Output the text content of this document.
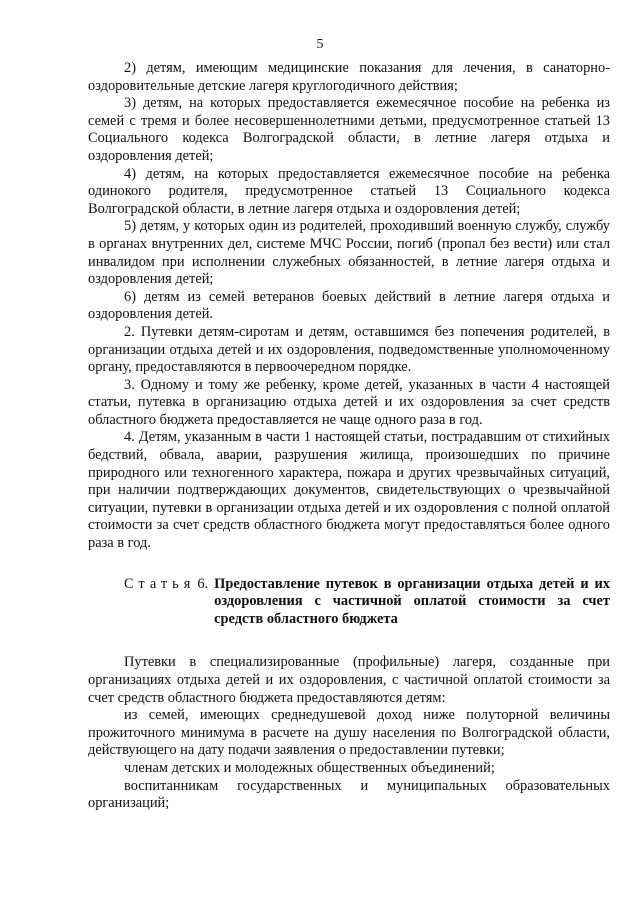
5

2) детям, имеющим медицинские показания для лечения, в санаторно-оздоровительные детские лагеря круглогодичного действия;

3) детям, на которых предоставляется ежемесячное пособие на ребенка из семей с тремя и более несовершеннолетними детьми, предусмотренное статьей 13 Социального кодекса Волгоградской области, в летние лагеря отдыха и оздоровления детей;

4) детям, на которых предоставляется ежемесячное пособие на ребенка одинокого родителя, предусмотренное статьей 13 Социального кодекса Волгоградской области, в летние лагеря отдыха и оздоровления детей;

5) детям, у которых один из родителей, проходивший военную службу, службу в органах внутренних дел, системе МЧС России, погиб (пропал без вести) или стал инвалидом при исполнении служебных обязанностей, в летние лагеря отдыха и оздоровления детей;

6) детям из семей ветеранов боевых действий в летние лагеря отдыха и оздоровления детей.

2. Путевки детям-сиротам и детям, оставшимся без попечения родителей, в организации отдыха детей и их оздоровления, подведомственные уполномоченному органу, предоставляются в первоочередном порядке.

3. Одному и тому же ребенку, кроме детей, указанных в части 4 настоящей статьи, путевка в организацию отдыха детей и их оздоровления за счет средств областного бюджета предоставляется не чаще одного раза в год.

4. Детям, указанным в части 1 настоящей статьи, пострадавшим от стихийных бедствий, обвала, аварии, разрушения жилища, произошедших по причине природного или техногенного характера, пожара и других чрезвычайных ситуаций, при наличии подтверждающих документов, свидетельствующих о чрезвычайной ситуации, путевки в организации отдыха детей и их оздоровления с полной оплатой стоимости за счет средств областного бюджета могут предоставляться более одного раза в год.

Статья 6. Предоставление путевок в организации отдыха детей и их оздоровления с частичной оплатой стоимости за счет средств областного бюджета

Путевки в специализированные (профильные) лагеря, созданные при организациях отдыха детей и их оздоровления, с частичной оплатой стоимости за счет средств областного бюджета предоставляются детям:

из семей, имеющих среднедушевой доход ниже полуторной величины прожиточного минимума в расчете на душу населения по Волгоградской области, действующего на дату подачи заявления о предоставлении путевки;

членам детских и молодежных общественных объединений;

воспитанникам государственных и муниципальных образовательных организаций;
